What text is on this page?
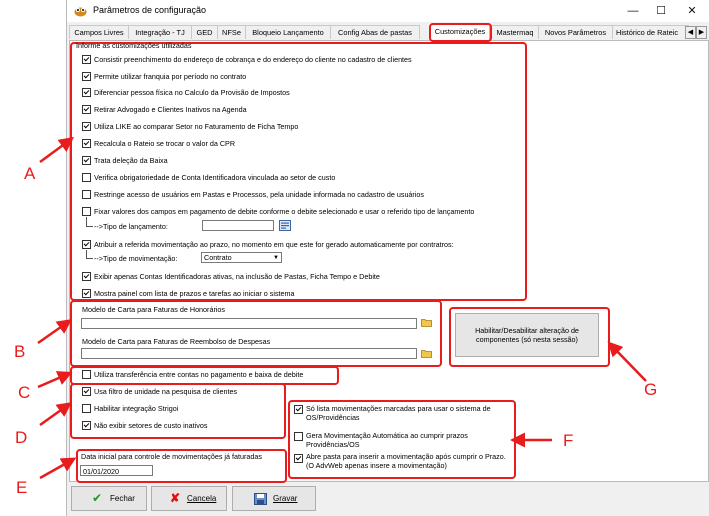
Parâmetros de configuração	—	☐	✕
Campos Livres	Integração - TJ	GED	NFSe	Bloqueio Lançamento	Config Abas de pastas	Customizações	Mastermaq	Novos Parâmetros	Histórico de Rateic	◀ ▶
✔ Fechar	✘ Cancela	Gravar
Informe as customizações utilizadas
Consistir preenchimento do endereço de cobrança e do endereço do cliente no cadastro de clientes
Permite utilizar franquia por período no contrato
Diferenciar pessoa física no Calculo da Provisão de Impostos
Retirar Advogado e Clientes Inativos na Agenda
Utiliza LIKE ao comparar Setor no Faturamento de Ficha Tempo
Recalcula o Rateio se trocar o valor da CPR
Trata deleção da Baixa
Verifica obrigatoriedade de Conta Identificadora vinculada ao setor de custo
Restringe acesso de usuários em Pastas e Processos, pela unidade informada no cadastro de usuários
Fixar valores dos campos em pagamento de debite conforme o debite selecionado e usar o referido tipo de lançamento
-->Tipo de lançamento:
Atribuir a referida movimentação ao prazo, no momento em que este for gerado automaticamente por contratros:
-->Tipo de movimentação:	Contrato	▼
Exibir apenas Contas Identificadoras ativas, na inclusão de Pastas, Ficha Tempo e Debite
Mostra painel com lista de prazos e tarefas ao iniciar o sistema
Modelo de Carta para Faturas de Honorários
Modelo de Carta para Faturas de Reembolso de Despesas
Habilitar/Desabilitar alteração de componentes (só nesta sessão)
Utiliza transferência entre contas no pagamento e baixa de debite
Usa filtro de unidade na pesquisa de clientes
Habilitar integração Strigoi
Não exibir setores de custo inativos
Data inicial para controle de movimentações já faturadas
01/01/2020
Só lista movimentações marcadas para usar o sistema de OS/Providências
Gera Movimentação Automática ao cumprir prazos Providências/OS
Abre pasta para inserir a movimentação após cumprir o Prazo. (O AdvWeb apenas insere a movimentação)
A
B
C
D
E
F
G
